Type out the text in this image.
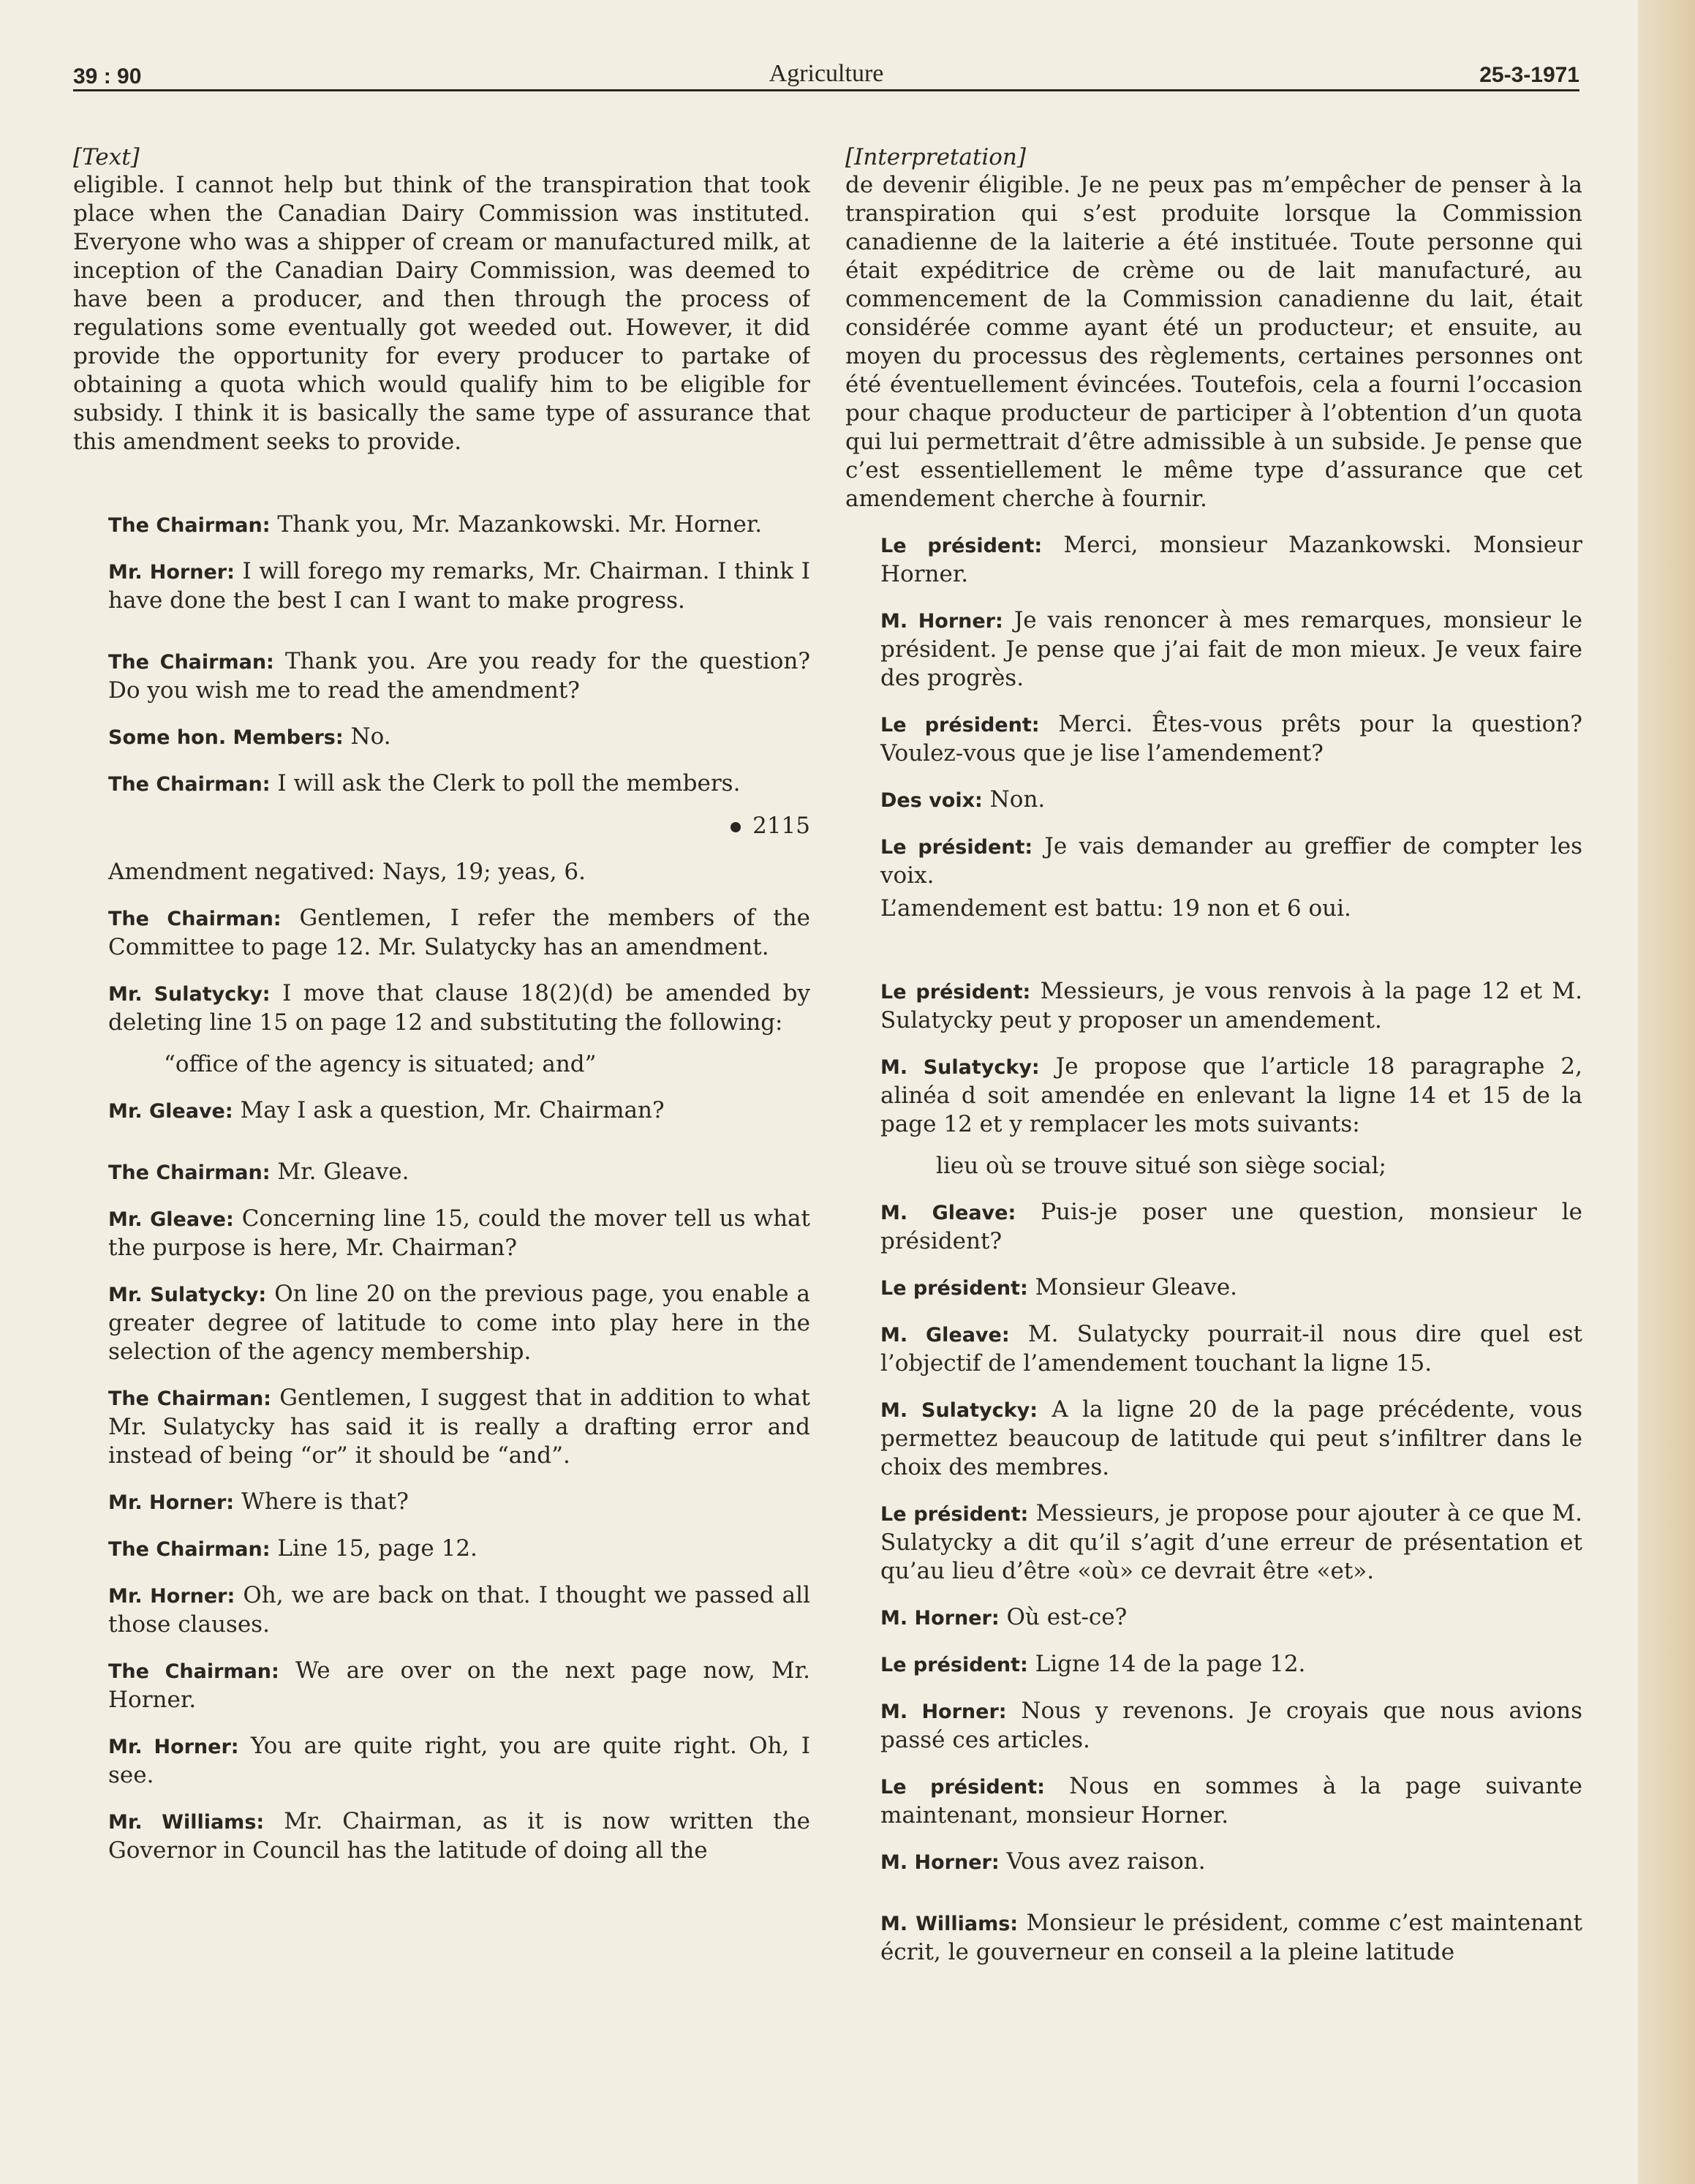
39 : 90	Agriculture	25-3-1971

[Text]

eligible. I cannot help but think of the transpiration that took place when the Canadian Dairy Commission was instituted. Everyone who was a shipper of cream or manufactured milk, at inception of the Canadian Dairy Commission, was deemed to have been a producer, and then through the process of regulations some eventually got weeded out. However, it did provide the opportunity for every producer to partake of obtaining a quota which would qualify him to be eligible for subsidy. I think it is basically the same type of assurance that this amendment seeks to provide.

The Chairman: Thank you, Mr. Mazankowski. Mr. Horner.

Mr. Horner: I will forego my remarks, Mr. Chairman. I think I have done the best I can I want to make progress.

The Chairman: Thank you. Are you ready for the question? Do you wish me to read the amendment?

Some hon. Members: No.

The Chairman: I will ask the Clerk to poll the members.

2115

Amendment negatived: Nays, 19; yeas, 6.

The Chairman: Gentlemen, I refer the members of the Committee to page 12. Mr. Sulatycky has an amendment.

Mr. Sulatycky: I move that clause 18(2)(d) be amended by deleting line 15 on page 12 and substituting the following:

“office of the agency is situated; and”

Mr. Gleave: May I ask a question, Mr. Chairman?

The Chairman: Mr. Gleave.

Mr. Gleave: Concerning line 15, could the mover tell us what the purpose is here, Mr. Chairman?

Mr. Sulatycky: On line 20 on the previous page, you enable a greater degree of latitude to come into play here in the selection of the agency membership.

The Chairman: Gentlemen, I suggest that in addition to what Mr. Sulatycky has said it is really a drafting error and instead of being “or” it should be “and”.

Mr. Horner: Where is that?

The Chairman: Line 15, page 12.

Mr. Horner: Oh, we are back on that. I thought we passed all those clauses.

The Chairman: We are over on the next page now, Mr. Horner.

Mr. Horner: You are quite right, you are quite right. Oh, I see.

Mr. Williams: Mr. Chairman, as it is now written the Governor in Council has the latitude of doing all the

[Interpretation]

de devenir éligible. Je ne peux pas m’empêcher de penser à la transpiration qui s’est produite lorsque la Commission canadienne de la laiterie a été instituée. Toute personne qui était expéditrice de crème ou de lait manufacturé, au commencement de la Commission canadienne du lait, était considérée comme ayant été un producteur; et ensuite, au moyen du processus des règlements, certaines personnes ont été éventuellement évincées. Toutefois, cela a fourni l’occasion pour chaque producteur de participer à l’obtention d’un quota qui lui permettrait d’être admissible à un subside. Je pense que c’est essentiellement le même type d’assurance que cet amendement cherche à fournir.

Le président: Merci, monsieur Mazankowski. Monsieur Horner.

M. Horner: Je vais renoncer à mes remarques, monsieur le président. Je pense que j’ai fait de mon mieux. Je veux faire des progrès.

Le président: Merci. Êtes-vous prêts pour la question? Voulez-vous que je lise l’amendement?

Des voix: Non.

Le président: Je vais demander au greffier de compter les voix.

L’amendement est battu: 19 non et 6 oui.

Le président: Messieurs, je vous renvois à la page 12 et M. Sulatycky peut y proposer un amendement.

M. Sulatycky: Je propose que l’article 18 paragraphe 2, alinéa d soit amendée en enlevant la ligne 14 et 15 de la page 12 et y remplacer les mots suivants:

lieu où se trouve situé son siège social;

M. Gleave: Puis-je poser une question, monsieur le président?

Le président: Monsieur Gleave.

M. Gleave: M. Sulatycky pourrait-il nous dire quel est l’objectif de l’amendement touchant la ligne 15.

M. Sulatycky: A la ligne 20 de la page précédente, vous permettez beaucoup de latitude qui peut s’infiltrer dans le choix des membres.

Le président: Messieurs, je propose pour ajouter à ce que M. Sulatycky a dit qu’il s’agit d’une erreur de présentation et qu’au lieu d’être «où» ce devrait être «et».

M. Horner: Où est-ce?

Le président: Ligne 14 de la page 12.

M. Horner: Nous y revenons. Je croyais que nous avions passé ces articles.

Le président: Nous en sommes à la page suivante maintenant, monsieur Horner.

M. Horner: Vous avez raison.

M. Williams: Monsieur le président, comme c’est maintenant écrit, le gouverneur en conseil a la pleine latitude
